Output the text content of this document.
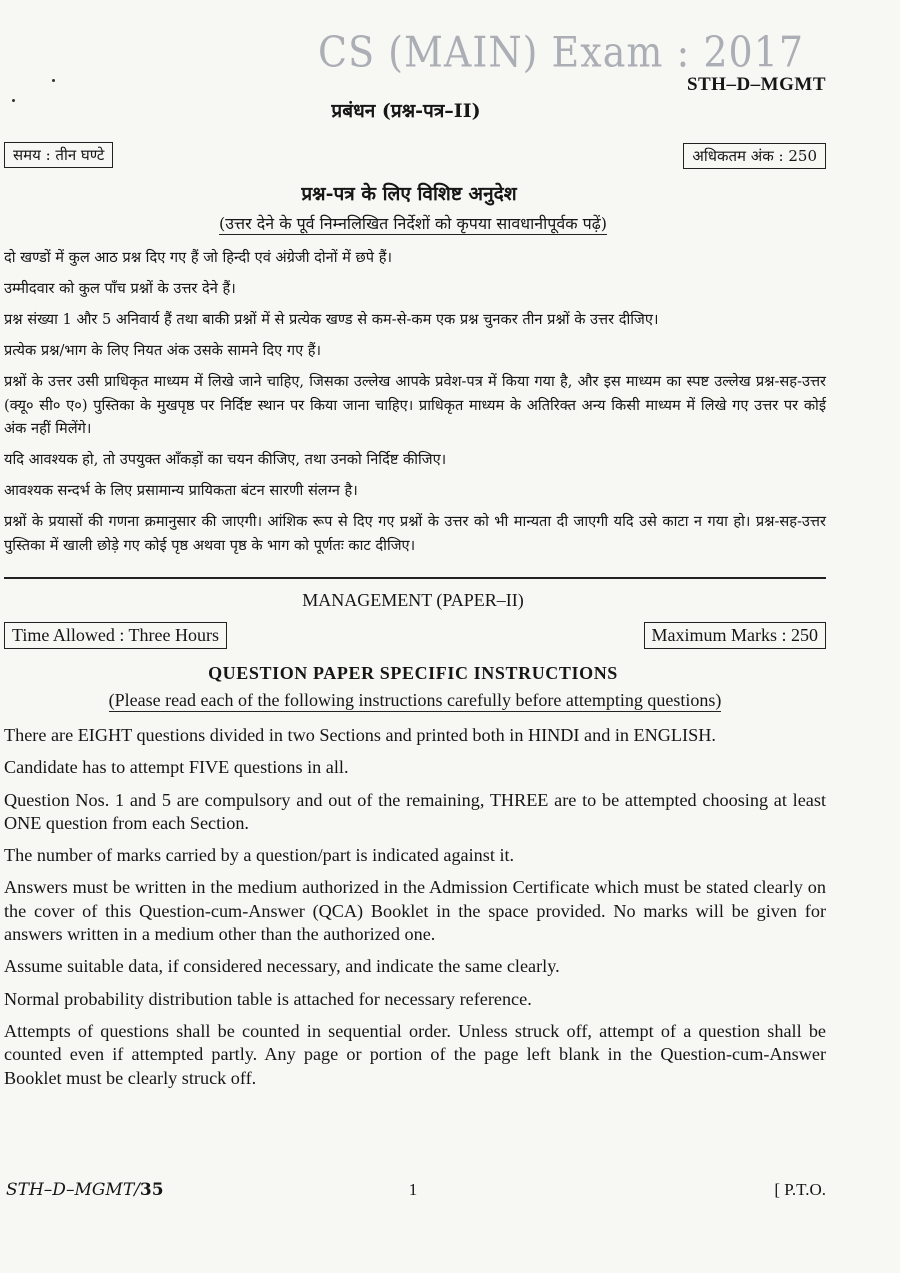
CS (MAIN) Exam : 2017
STH–D–MGMT
प्रबंधन (प्रश्न-पत्र–II)
समय : तीन घण्टे	अधिकतम अंक : 250
प्रश्न-पत्र के लिए विशिष्ट अनुदेश
(उत्तर देने के पूर्व निम्नलिखित निर्देशों को कृपया सावधानीपूर्वक पढ़ें)

दो खण्डों में कुल आठ प्रश्न दिए गए हैं जो हिन्दी एवं अंग्रेजी दोनों में छपे हैं।

उम्मीदवार को कुल पाँच प्रश्नों के उत्तर देने हैं।

प्रश्न संख्या 1 और 5 अनिवार्य हैं तथा बाकी प्रश्नों में से प्रत्येक खण्ड से कम-से-कम एक प्रश्न चुनकर तीन प्रश्नों के उत्तर दीजिए।

प्रत्येक प्रश्न/भाग के लिए नियत अंक उसके सामने दिए गए हैं।

प्रश्नों के उत्तर उसी प्राधिकृत माध्यम में लिखे जाने चाहिए, जिसका उल्लेख आपके प्रवेश-पत्र में किया गया है, और इस माध्यम का स्पष्ट उल्लेख प्रश्न-सह-उत्तर (क्यू० सी० ए०) पुस्तिका के मुखपृष्ठ पर निर्दिष्ट स्थान पर किया जाना चाहिए। प्राधिकृत माध्यम के अतिरिक्त अन्य किसी माध्यम में लिखे गए उत्तर पर कोई अंक नहीं मिलेंगे।

यदि आवश्यक हो, तो उपयुक्त आँकड़ों का चयन कीजिए, तथा उनको निर्दिष्ट कीजिए।

आवश्यक सन्दर्भ के लिए प्रसामान्य प्रायिकता बंटन सारणी संलग्न है।

प्रश्नों के प्रयासों की गणना क्रमानुसार की जाएगी। आंशिक रूप से दिए गए प्रश्नों के उत्तर को भी मान्यता दी जाएगी यदि उसे काटा न गया हो। प्रश्न-सह-उत्तर पुस्तिका में खाली छोड़े गए कोई पृष्ठ अथवा पृष्ठ के भाग को पूर्णतः काट दीजिए।

MANAGEMENT (PAPER–II)
Time Allowed : Three Hours	Maximum Marks : 250
QUESTION PAPER SPECIFIC INSTRUCTIONS
(Please read each of the following instructions carefully before attempting questions)

There are EIGHT questions divided in two Sections and printed both in HINDI and in ENGLISH.

Candidate has to attempt FIVE questions in all.

Question Nos. 1 and 5 are compulsory and out of the remaining, THREE are to be attempted choosing at least ONE question from each Section.

The number of marks carried by a question/part is indicated against it.

Answers must be written in the medium authorized in the Admission Certificate which must be stated clearly on the cover of this Question-cum-Answer (QCA) Booklet in the space provided. No marks will be given for answers written in a medium other than the authorized one.

Assume suitable data, if considered necessary, and indicate the same clearly.

Normal probability distribution table is attached for necessary reference.

Attempts of questions shall be counted in sequential order. Unless struck off, attempt of a question shall be counted even if attempted partly. Any page or portion of the page left blank in the Question-cum-Answer Booklet must be clearly struck off.

STH–D–MGMT/35	1	[ P.T.O.
